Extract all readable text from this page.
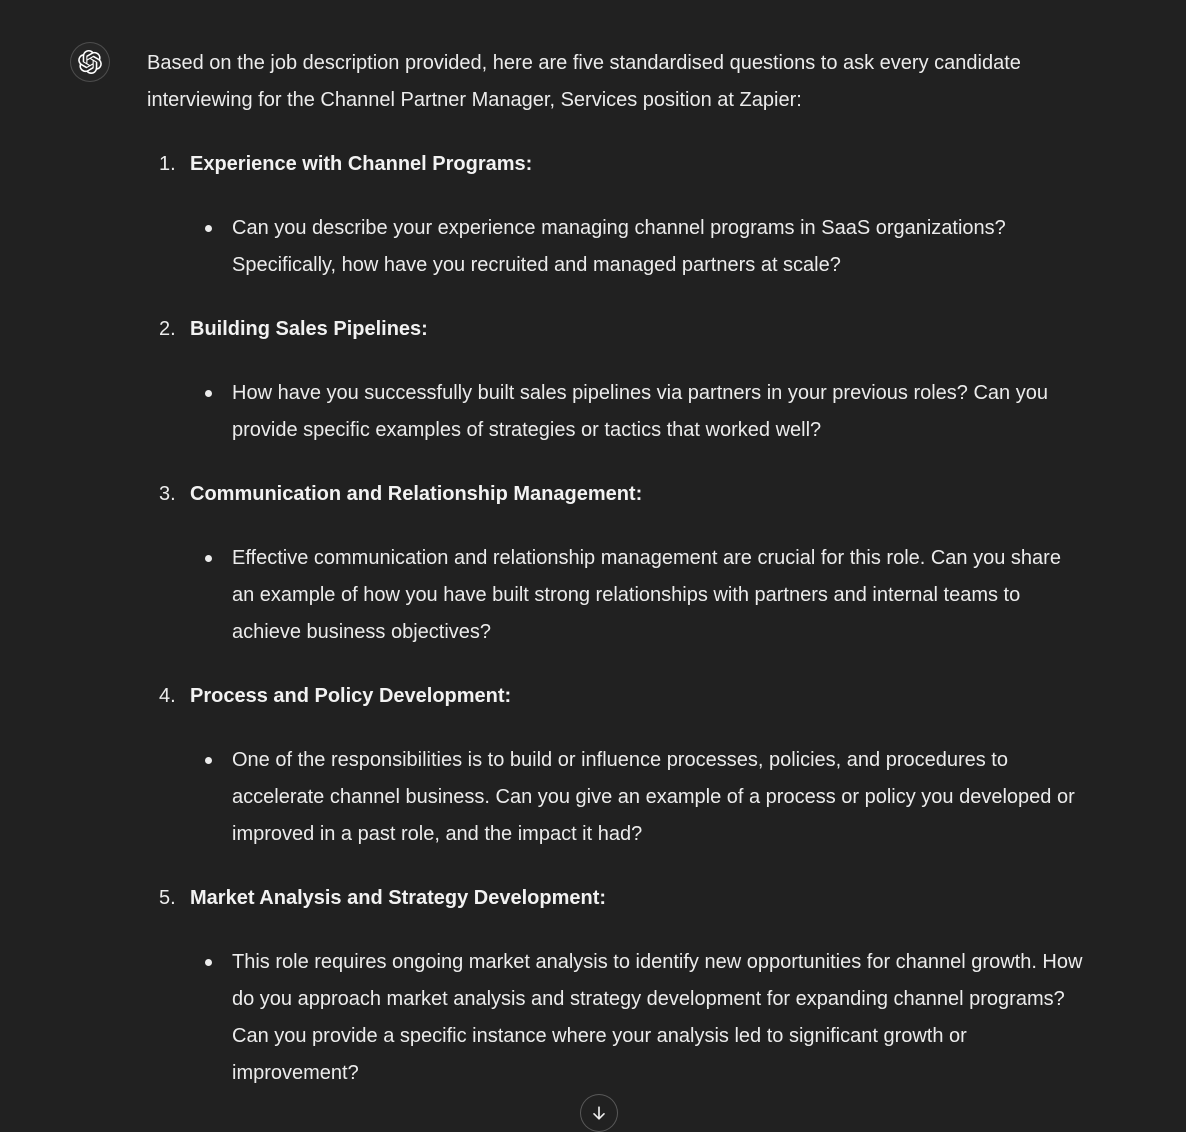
Based on the job description provided, here are five standardised questions to ask every candidate interviewing for the Channel Partner Manager, Services position at Zapier:

1. Experience with Channel Programs:

Can you describe your experience managing channel programs in SaaS organizations? Specifically, how have you recruited and managed partners at scale?

2. Building Sales Pipelines:

How have you successfully built sales pipelines via partners in your previous roles? Can you provide specific examples of strategies or tactics that worked well?

3. Communication and Relationship Management:

Effective communication and relationship management are crucial for this role. Can you share an example of how you have built strong relationships with partners and internal teams to achieve business objectives?

4. Process and Policy Development:

One of the responsibilities is to build or influence processes, policies, and procedures to accelerate channel business. Can you give an example of a process or policy you developed or improved in a past role, and the impact it had?

5. Market Analysis and Strategy Development:

This role requires ongoing market analysis to identify new opportunities for channel growth. How do you approach market analysis and strategy development for expanding channel programs? Can you provide a specific instance where your analysis led to significant growth or improvement?
